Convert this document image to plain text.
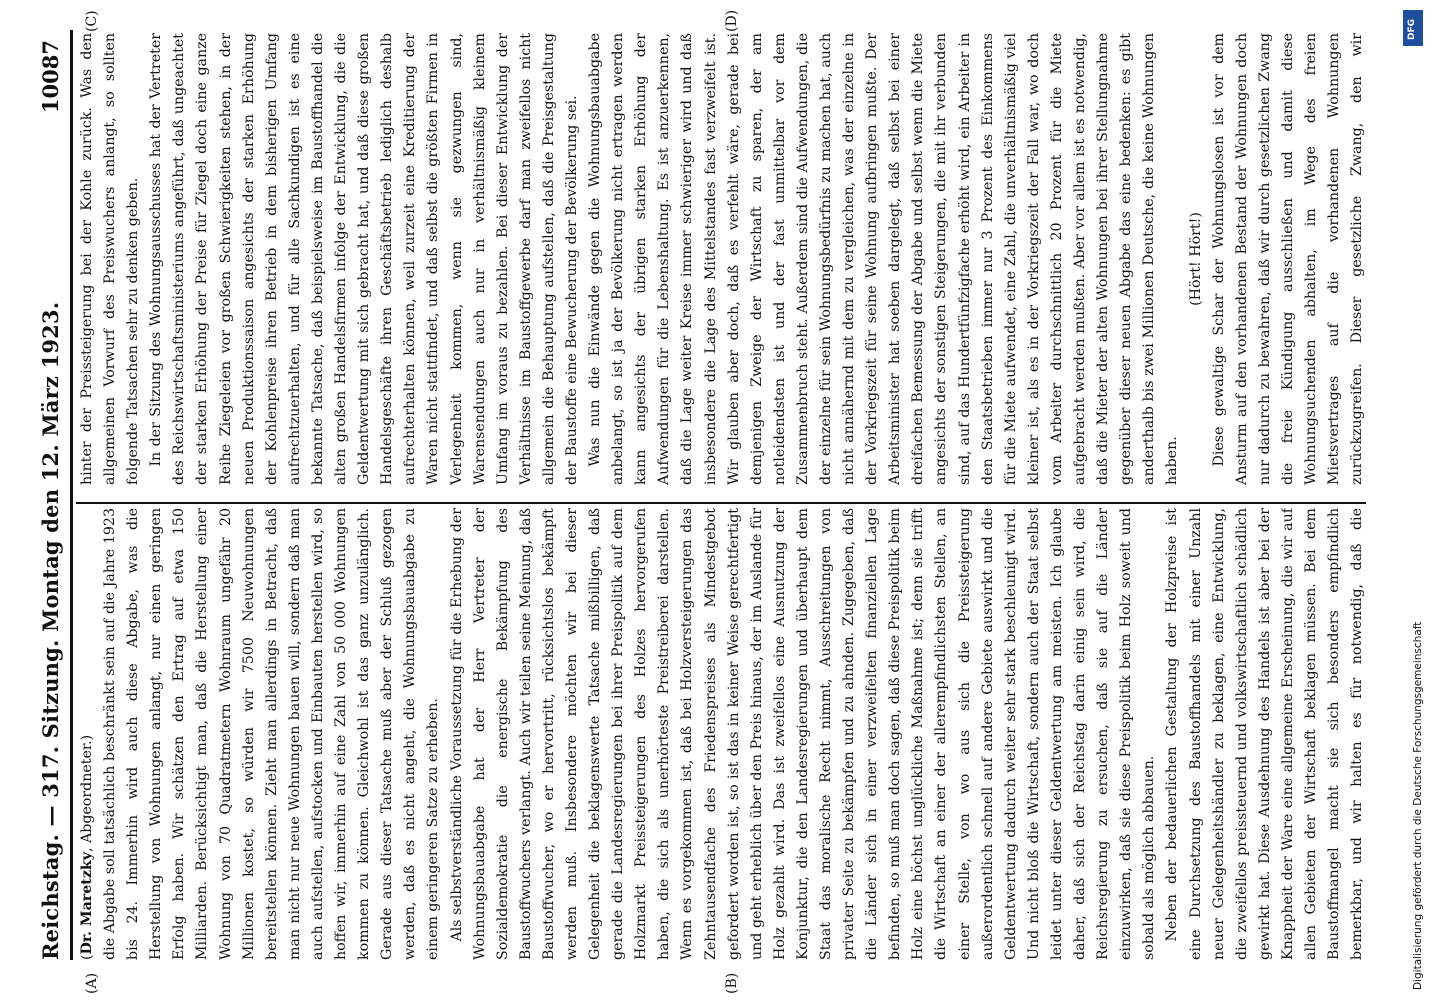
Reichstag. — 317. Sitzung. Montag den 12. März 1923.
10087

(Dr. Maretzky, Abgeordneter.) die Abgabe soll tatsächlich beschränkt sein auf die Jahre 1923 bis 24. Immerhin wird auch diese Abgabe, was die Herstellung von Wohnungen anlangt, nur einen geringen Erfolg haben. Wir schätzen den Ertrag auf etwa 150 Milliarden. Berücksichtigt man, daß die Herstellung einer Wohnung von 70 Quadratmetern Wohnraum ungefähr 20 Millionen kostet, so würden wir 7500 Neuwohnungen bereitstellen können. Zieht man allerdings in Betracht, daß man nicht nur neue Wohnungen bauen will, sondern daß man auch aufstellen, aufstocken und Einbauten herstellen wird, so hoffen wir, immerhin auf eine Zahl von 50 000 Wohnungen kommen zu können. Gleichwohl ist das ganz unzulänglich. Gerade aus dieser Tatsache muß aber der Schluß gezogen werden, daß es nicht angeht, die Wohnungsbauabgabe zu einem geringeren Satze zu erheben. Als selbstverständliche Voraussetzung für die Erhebung der Wohnungsbauabgabe hat der Herr Vertreter der Sozialdemokratie die energische Bekämpfung des Baustoffwuchers verlangt. Auch wir teilen seine Meinung, daß Baustoffwucher, wo er hervortritt, rücksichtslos bekämpft werden muß. Insbesondere möchten wir bei dieser Gelegenheit die beklagenswerte Tatsache mißbilligen, daß gerade die Landesregierungen bei ihrer Preispolitik auf dem Holzmarkt Preissteigerungen des Holzes hervorgerufen haben, die sich als unerhörteste Preistreiberei darstellen. Wenn es vorgekommen ist, daß bei Holzversteigerungen das Zehntausendfache des Friedenspreises als Mindestgebot gefordert worden ist, so ist das in keiner Weise gerechtfertigt und geht erheblich über den Preis hinaus, der im Auslande für Holz gezahlt wird. Das ist zweifellos eine Ausnutzung der Konjunktur, die den Landesregierungen und überhaupt dem Staat das moralische Recht nimmt, Ausschreitungen von privater Seite zu bekämpfen und zu ahnden. Zugegeben, daß die Länder sich in einer verzweifelten finanziellen Lage befinden, so muß man doch sagen, daß diese Preispolitik beim Holz eine höchst unglückliche Maßnahme ist; denn sie trifft die Wirtschaft an einer der allerempfindlichsten Stellen, an einer Stelle, von wo aus sich die Preissteigerung außerordentlich schnell auf andere Gebiete auswirkt und die Geldentwertung dadurch weiter sehr stark beschleunigt wird. Und nicht bloß die Wirtschaft, sondern auch der Staat selbst leidet unter dieser Geldentwertung am meisten. Ich glaube daher, daß sich der Reichstag darin einig sein wird, die Reichsregierung zu ersuchen, daß sie auf die Länder einzuwirken, daß sie diese Preispolitik beim Holz soweit und sobald als möglich abbauen. Neben der bedauerlichen Gestaltung der Holzpreise ist eine Durchsetzung des Baustoffhandels mit einer Unzahl neuer Gelegenheitshändler zu beklagen, eine Entwicklung, die zweifellos preissteuernd und volkswirtschaftlich schädlich gewirkt hat. Diese Ausdehnung des Handels ist aber bei der Knappheit der Ware eine allgemeine Erscheinung, die wir auf allen Gebieten der Wirtschaft beklagen müssen. Bei dem Baustoffmangel macht sie sich besonders empfindlich bemerkbar, und wir halten es für notwendig, daß die

hinter der Preissteigerung bei der Kohle zurück. Was den allgemeinen Vorwurf des Preiswuchers anlangt, so sollten folgende Tatsachen sehr zu denken geben. In der Sitzung des Wohnungsausschusses hat der Vertreter des Reichswirtschaftsministeriums angeführt, daß ungeachtet der starken Erhöhung der Preise für Ziegel doch eine ganze Reihe Ziegeleien vor großen Schwierigkeiten stehen, in der neuen Produktionssaison angesichts der starken Erhöhung der Kohlenpreise ihren Betrieb in dem bisherigen Umfang aufrechtzuerhalten, und für alle Sachkundigen ist es eine bekannte Tatsache, daß beispielsweise im Baustoffhandel die alten großen Handelsfirmen infolge der Entwicklung, die die Geldentwertung mit sich gebracht hat, und daß diese großen Handelsgeschäfte ihren Geschäftsbetrieb lediglich deshalb aufrechterhalten können, weil zurzeit eine Kreditierung der Waren nicht stattfindet, und daß selbst die größten Firmen in Verlegenheit kommen, wenn sie gezwungen sind, Warensendungen auch nur in verhältnismäßig kleinem Umfang im voraus zu bezahlen. Bei dieser Entwicklung der Verhältnisse im Baustoffgewerbe darf man zweifellos nicht allgemein die Behauptung aufstellen, daß die Preisgestaltung der Baustoffe eine Bewucherung der Bevölkerung sei. Was nun die Einwände gegen die Wohnungsbauabgabe anbelangt, so ist ja der Bevölkerung nicht ertragen werden kann angesichts der übrigen starken Erhöhung der Aufwendungen für die Lebenshaltung. Es ist anzuerkennen, daß die Lage weiter Kreise immer schwieriger wird und daß insbesondere die Lage des Mittelstandes fast verzweifelt ist. Wir glauben aber doch, daß es verfehlt wäre, gerade bei demjenigen Zweige der Wirtschaft zu sparen, der am notleidendsten ist und der fast unmittelbar vor dem Zusammenbruch steht. Außerdem sind die Aufwendungen, die der einzelne für sein Wohnungsbedürfnis zu machen hat, auch nicht annähernd mit dem zu vergleichen, was der einzelne in der Vorkriegszeit für seine Wohnung aufbringen mußte. Der Arbeitsminister hat soeben dargelegt, daß selbst bei einer dreifachen Bemessung der Abgabe und selbst wenn die Miete angesichts der sonstigen Steigerungen, die mit ihr verbunden sind, auf das Hundertfünfzigfache erhöht wird, ein Arbeiter in den Staatsbetrieben immer nur 3 Prozent des Einkommens für die Miete aufwendet, eine Zahl, die unverhältnismäßig viel kleiner ist, als es in der Vorkriegszeit der Fall war, wo doch vom Arbeiter durchschnittlich 20 Prozent für die Miete aufgebracht werden mußten. Aber vor allem ist es notwendig, daß die Mieter der alten Wohnungen bei ihrer Stellungnahme gegenüber dieser neuen Abgabe das eine bedenken: es gibt anderthalb bis zwei Millionen Deutsche, die keine Wohnungen haben.

(Hört! Hört!)

Diese gewaltige Schar der Wohnungslosen ist vor dem Ansturm auf den vorhandenen Bestand der Wohnungen doch nur dadurch zu bewahren, daß wir durch gesetzlichen Zwang die freie Kündigung ausschließen und damit diese Wohnungsuchenden abhalten, im Wege des freien Mietsvertrages auf die vorhandenen Wohnungen zurückzugreifen. Dieser gesetzliche Zwang, den wir

(A)	(B)
(C)	(D)	DFG
Digitalisierung gefördert durch die Deutsche Forschungsgemeinschaft
